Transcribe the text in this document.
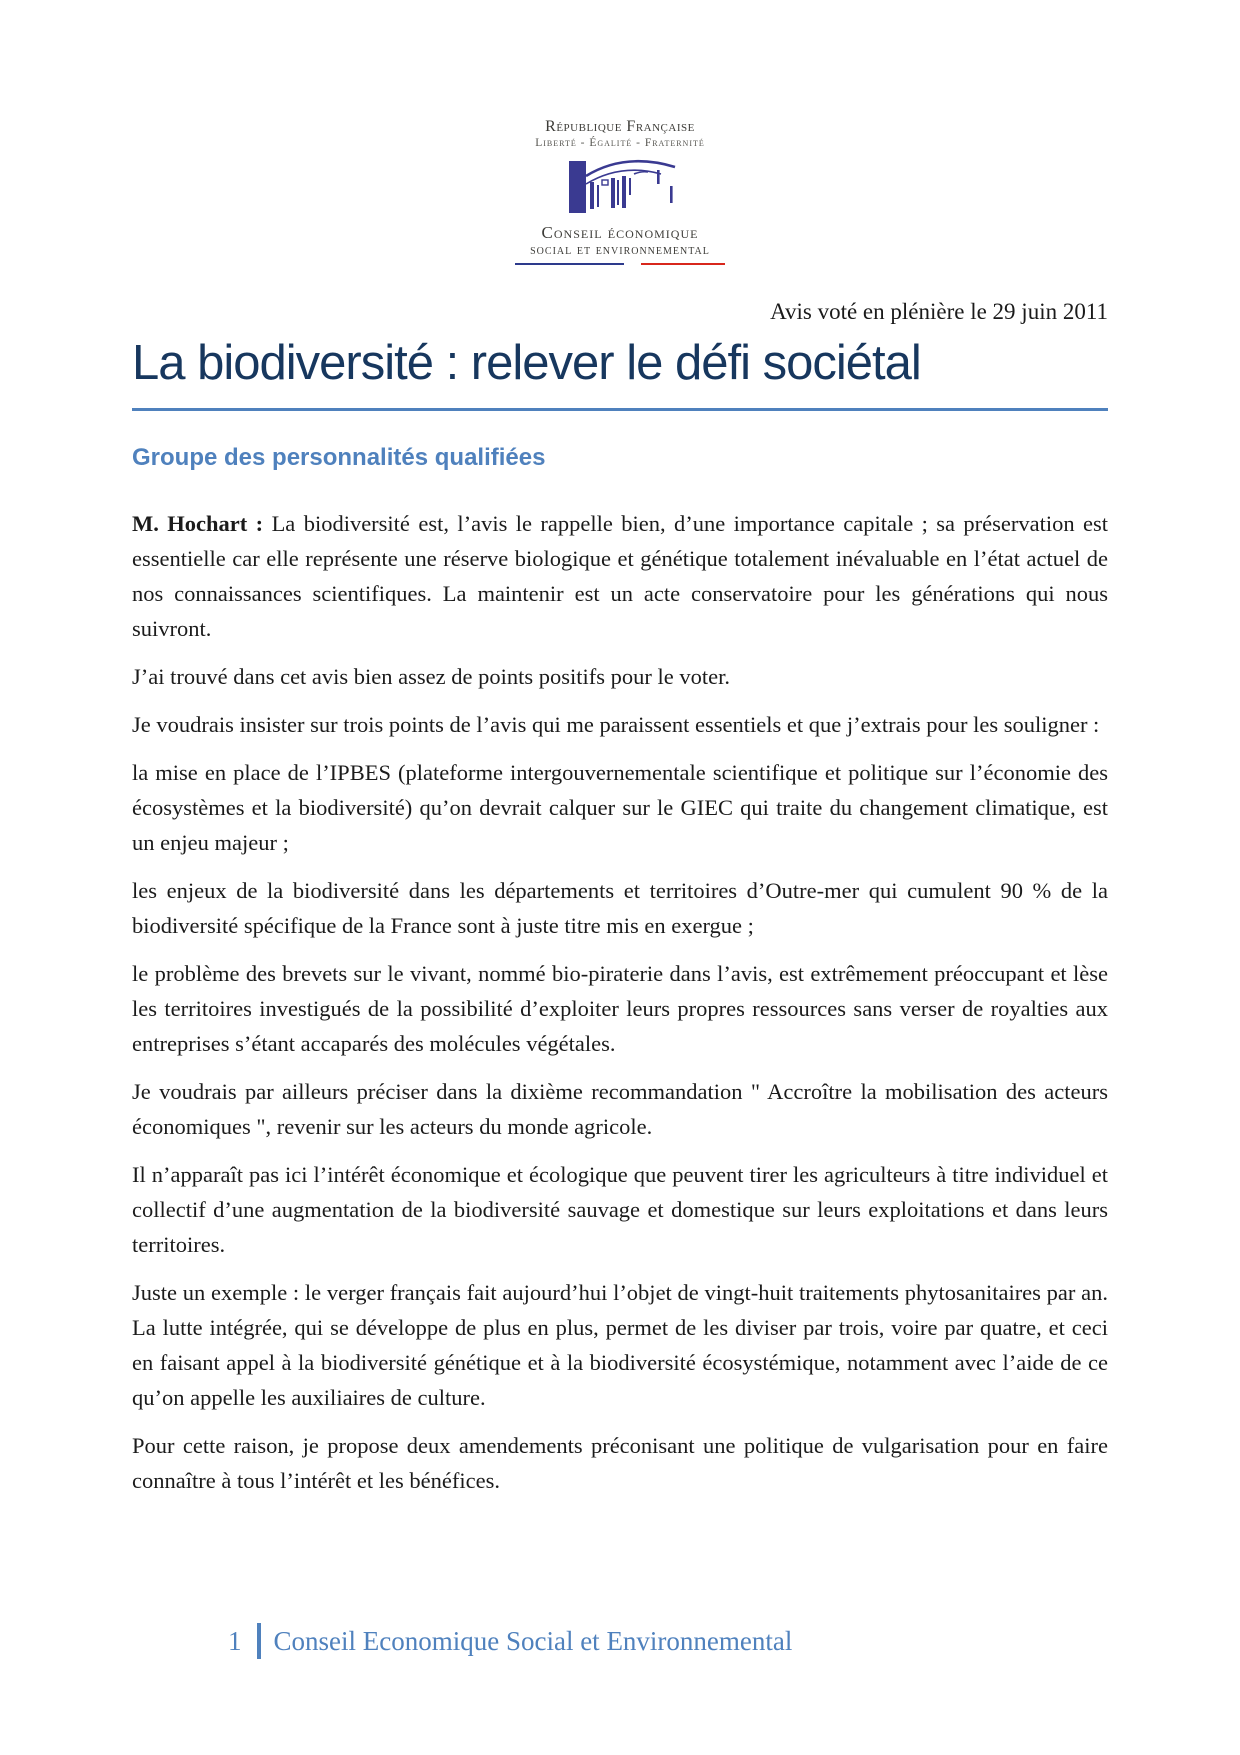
République Française
Liberté - Égalité - Fraternité
Conseil économique
social et environnemental
Avis voté en plénière le 29 juin 2011
La biodiversité : relever le défi sociétal
Groupe des personnalités qualifiées

M. Hochart : La biodiversité est, l’avis le rappelle bien, d’une importance capitale ; sa préservation est essentielle car elle représente une réserve biologique et génétique totalement inévaluable en l’état actuel de nos connaissances scientifiques. La maintenir est un acte conservatoire pour les générations qui nous suivront.

J’ai trouvé dans cet avis bien assez de points positifs pour le voter.

Je voudrais insister sur trois points de l’avis qui me paraissent essentiels et que j’extrais pour les souligner :

la mise en place de l’IPBES (plateforme intergouvernementale scientifique et politique sur l’économie des écosystèmes et la biodiversité) qu’on devrait calquer sur le GIEC qui traite du changement climatique, est un enjeu majeur ;

les enjeux de la biodiversité dans les départements et territoires d’Outre-mer qui cumulent 90 % de la biodiversité spécifique de la France sont à juste titre mis en exergue ;

le problème des brevets sur le vivant, nommé bio-piraterie dans l’avis, est extrêmement préoccupant et lèse les territoires investigués de la possibilité d’exploiter leurs propres ressources sans verser de royalties aux entreprises s’étant accaparés des molécules végétales.

Je voudrais par ailleurs préciser dans la dixième recommandation " Accroître la mobilisation des acteurs économiques ", revenir sur les acteurs du monde agricole.

Il n’apparaît pas ici l’intérêt économique et écologique que peuvent tirer les agriculteurs à titre individuel et collectif d’une augmentation de la biodiversité sauvage et domestique sur leurs exploitations et dans leurs territoires.

Juste un exemple : le verger français fait aujourd’hui l’objet de vingt-huit traitements phytosanitaires par an. La lutte intégrée, qui se développe de plus en plus, permet de les diviser par trois, voire par quatre, et ceci en faisant appel à la biodiversité génétique et à la biodiversité écosystémique, notamment avec l’aide de ce qu’on appelle les auxiliaires de culture.

Pour cette raison, je propose deux amendements préconisant une politique de vulgarisation pour en faire connaître à tous l’intérêt et les bénéfices.

1 Conseil Economique Social et Environnemental
